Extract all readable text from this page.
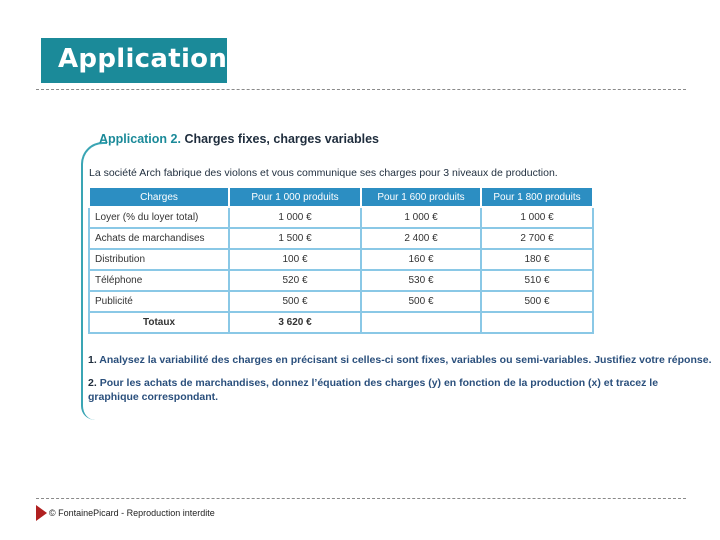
Applications
Application 2. Charges fixes, charges variables
La société Arch fabrique des violons et vous communique ses charges pour 3 niveaux de production.
Charges	Pour 1 000 produits	Pour 1 600 produits	Pour 1 800 produits
Loyer (% du loyer total)	1 000 €	1 000 €	1 000 €
Achats de marchandises	1 500 €	2 400 €	2 700 €
Distribution	100 €	160 €	180 €
Téléphone	520 €	530 €	510 €
Publicité	500 €	500 €	500 €
Totaux	3 620 €		
1. Analysez la variabilité des charges en précisant si celles-ci sont fixes, variables ou semi-variables. Justifiez votre réponse.
2. Pour les achats de marchandises, donnez l’équation des charges (y) en fonction de la production (x) et tracez le graphique correspondant.
© FontainePicard - Reproduction interdite
